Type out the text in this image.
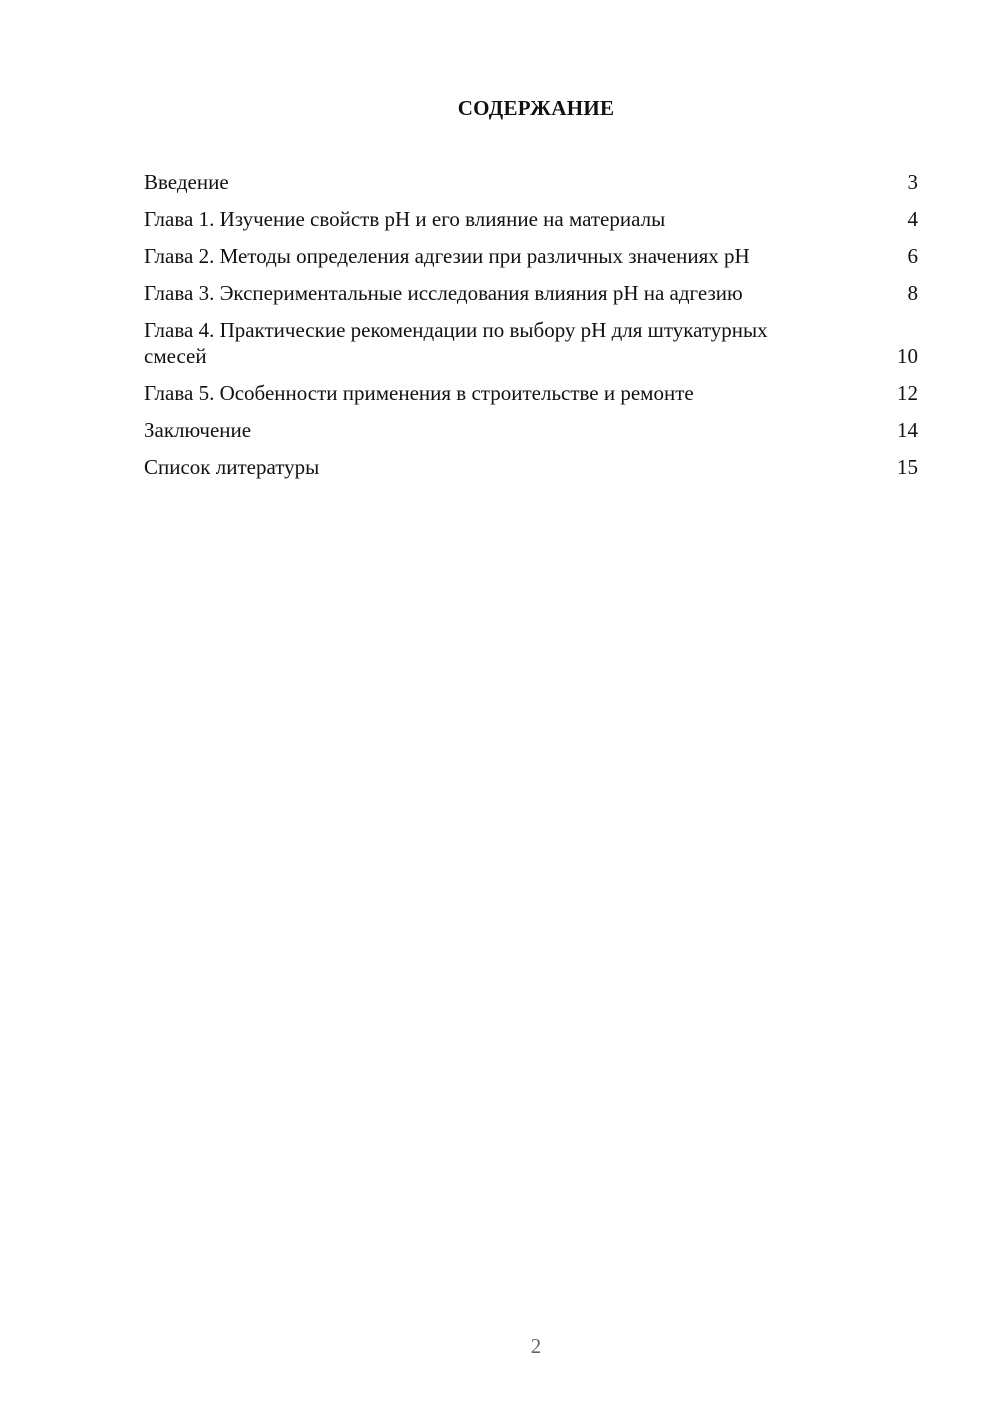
СОДЕРЖАНИЕ
Введение	3
Глава 1. Изучение свойств pH и его влияние на материалы	4
Глава 2. Методы определения адгезии при различных значениях pH	6
Глава 3. Экспериментальные исследования влияния pH на адгезию	8
Глава 4. Практические рекомендации по выбору pH для штукатурных смесей	10
Глава 5. Особенности применения в строительстве и ремонте	12
Заключение	14
Список литературы	15
2
